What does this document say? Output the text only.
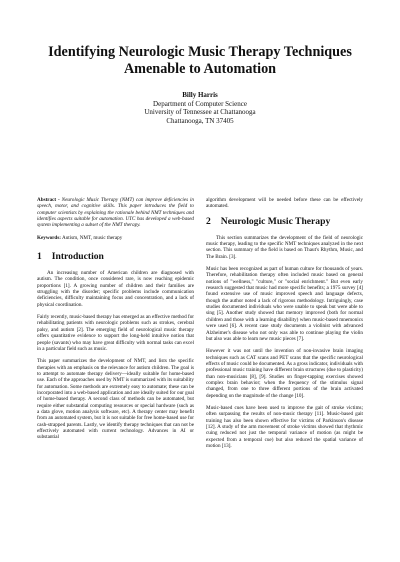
Identifying Neurologic Music Therapy Techniques Amenable to Automation
Billy Harris
Department of Computer Science
University of Tennessee at Chattanooga
Chattanooga, TN 37405

Abstract - Neurologic Music Therapy (NMT) can improve deficiencies in speech, motor, and cognitive skills. This paper introduces the field to computer scientists by explaining the rationale behind NMT techniques and identifies aspects suitable for automation. UTC has developed a web-based system implementing a subset of the NMT therapy.

Keywords: Autism, NMT, music therapy

1 Introduction

An increasing number of American children are diagnosed with autism. The condition, once considered rare, is now reaching epidemic proportions [1]. A growing number of children and their families are struggling with the disorder; specific problems include communication deficiencies, difficulty maintaining focus and concentration, and a lack of physical coordination.

Fairly recently, music-based therapy has emerged as an effective method for rehabilitating patients with neurologic problems such as strokes, cerebral palsy, and autism [2]. The emerging field of neurological music therapy offers quantitative evidence to support the long-held intuitive notion that people (savants) who may have great difficulty with normal tasks can excel in a particular field such as music.

This paper summarizes the development of NMT, and lists the specific therapies with an emphasis on the relevance for autism children. The goal is to attempt to automate therapy delivery—ideally suitable for home-based use. Each of the approaches used by NMT is summarized with its suitability for automation. Some methods are extremely easy to automate; these can be incorporated into a web-based application and are ideally suited for our goal of home-based therapy. A second class of methods can be automated, but require either substantial computing resources or special hardware (such as a data glove, motion analysis software, etc). A therapy center may benefit from an automated system, but it is not suitable for free home-based use for cash-strapped parents. Lastly, we identify therapy techniques that can not be effectively automated with current technology. Advances in AI or substantial

algorithm development will be needed before these can be effectively automated.

2 Neurologic Music Therapy

This section summarizes the development of the field of neurologic music therapy, leading to the specific NMT techniques analyzed in the next section. This summary of the field is based on Thaut's Rhythm, Music, and The Brain. [3].

Music has been recognized as part of human culture for thousands of years. Therefore, rehabilitation therapy often included music based on general notions of "wellness," "culture," or "social enrichment." But even early research suggested that music had more specific benefits; a 1975 survey [4] found extensive use of music improved speech and language defects, though the author noted a lack of rigorous methodology. Intriguingly, case studies documented individuals who were unable to speak but were able to sing [5]. Another study showed that memory improved (both for normal children and those with a learning disability) when music-based mnemonics were used [6]. A recent case study documents a violinist with advanced Alzheimer's disease who not only was able to continue playing the violin but also was able to learn new music pieces [7].

However it was not until the invention of non-invasive brain imaging techniques such as CAT scans and PET scans that the specific neurological effects of music could be documented. As a gross indicator, individuals with professional music training have different brain structures (due to plasticity) than non-musicians [8], [9]. Studies on finger-tapping exercises showed complex brain behavior; when the frequency of the stimulus signal changed, from one to three different portions of the brain activated depending on the magnitude of the change [10].

Music-based cues have been used to improve the gait of stroke victims; often surpassing the results of non-music therapy [11]. Music-based gait training has also been shown effective for victims of Parkinson's disease [12]. A study of the arm movement of stroke victims showed that rhythmic cuing reduced not just the temporal variance of motion (as might be expected from a temporal cue) but also reduced the spatial variance of motion [13].
